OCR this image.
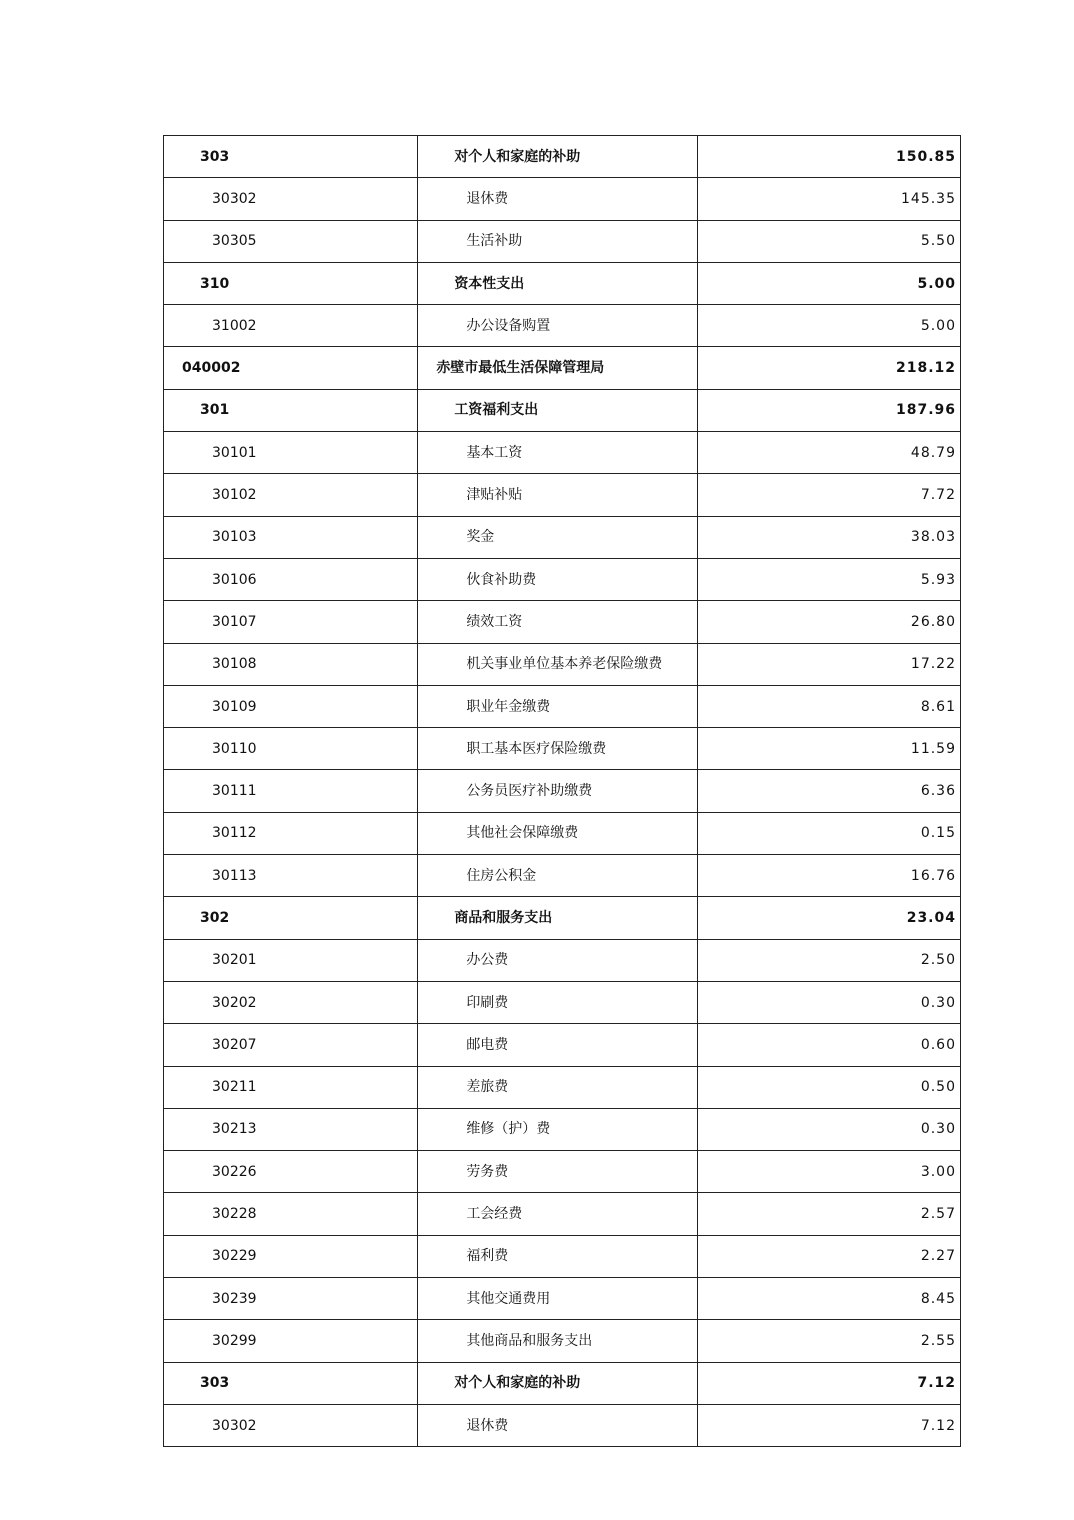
303	对个人和家庭的补助	150.85
30302	退休费	145.35
30305	生活补助	5.50
310	资本性支出	5.00
31002	办公设备购置	5.00
040002	赤壁市最低生活保障管理局	218.12
301	工资福利支出	187.96
30101	基本工资	48.79
30102	津贴补贴	7.72
30103	奖金	38.03
30106	伙食补助费	5.93
30107	绩效工资	26.80
30108	机关事业单位基本养老保险缴费	17.22
30109	职业年金缴费	8.61
30110	职工基本医疗保险缴费	11.59
30111	公务员医疗补助缴费	6.36
30112	其他社会保障缴费	0.15
30113	住房公积金	16.76
302	商品和服务支出	23.04
30201	办公费	2.50
30202	印刷费	0.30
30207	邮电费	0.60
30211	差旅费	0.50
30213	维修（护）费	0.30
30226	劳务费	3.00
30228	工会经费	2.57
30229	福利费	2.27
30239	其他交通费用	8.45
30299	其他商品和服务支出	2.55
303	对个人和家庭的补助	7.12
30302	退休费	7.12
